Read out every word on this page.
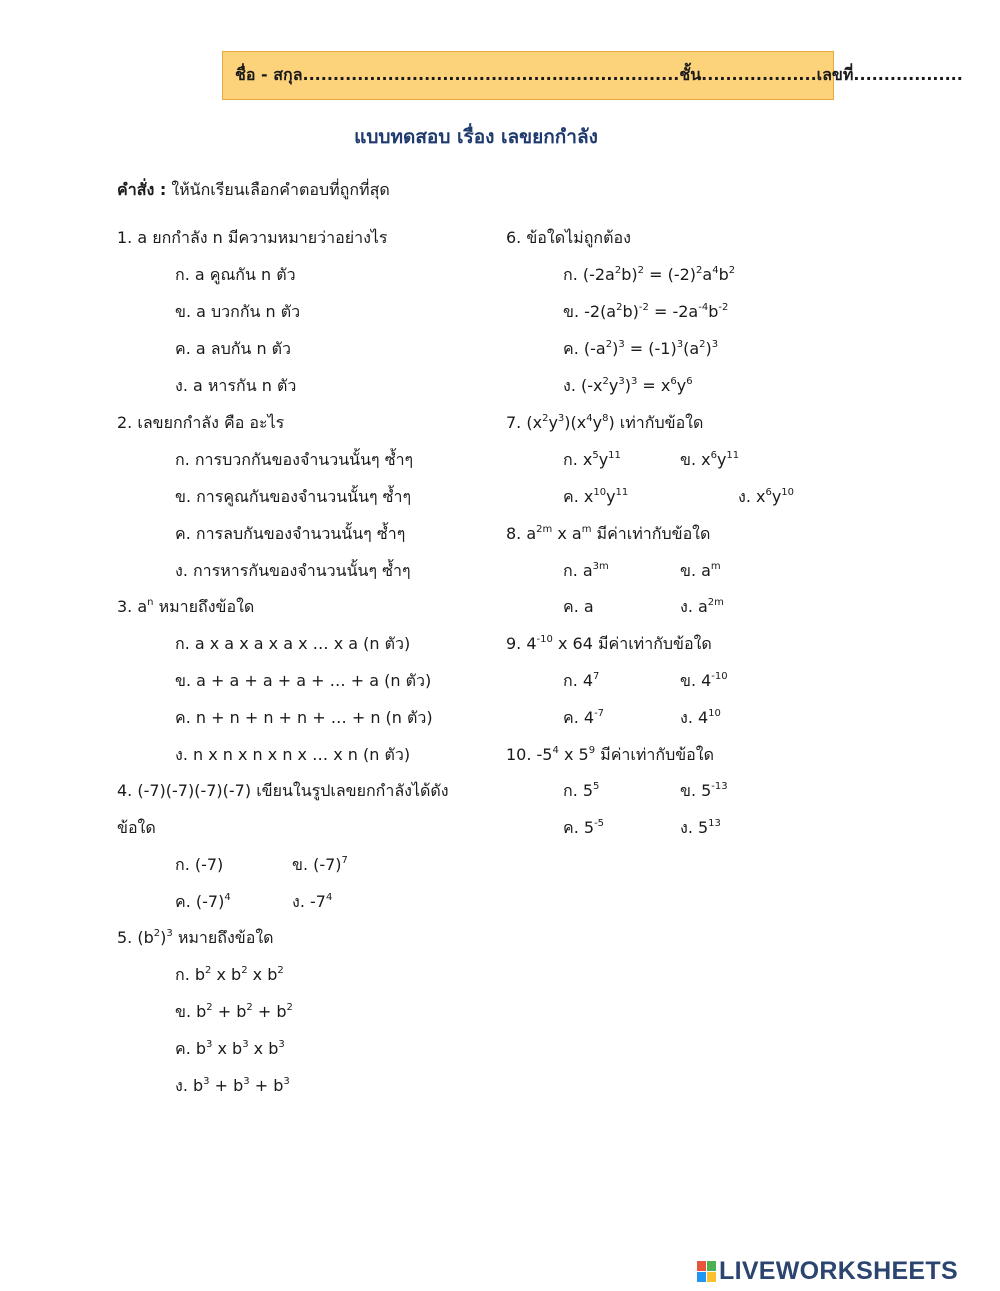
ชื่อ - สกุล..............................................................ชั้น...................เลขที่..................
แบบทดสอบ เรื่อง เลขยกกำลัง
คำสั่ง : ให้นักเรียนเลือกคำตอบที่ถูกที่สุด
1. a ยกกำลัง n มีความหมายว่าอย่างไร
ก. a คูณกัน n ตัว
ข. a บวกกัน n ตัว
ค. a ลบกัน n ตัว
ง. a หารกัน n ตัว
2. เลขยกกำลัง คือ อะไร
ก. การบวกกันของจำนวนนั้นๆ ซ้ำๆ
ข. การคูณกันของจำนวนนั้นๆ ซ้ำๆ
ค. การลบกันของจำนวนนั้นๆ ซ้ำๆ
ง. การหารกันของจำนวนนั้นๆ ซ้ำๆ
3. $a^n$ หมายถึงข้อใด
ก. a x a x a x a x … x a (n ตัว)
ข. a + a + a + a + … + a (n ตัว)
ค. n + n + n + n + … + n (n ตัว)
ง. n x n x n x n x … x n (n ตัว)
4. (-7)(-7)(-7)(-7) เขียนในรูปเลขยกกำลังได้ดัง
ข้อใด
ก. (-7)	ข. $(-7)^7$
ค. $(-7)^4$	ง. $-7^4$
5. $(b^2)^3$ หมายถึงข้อใด
ก. $b^2$ x $b^2$ x $b^2$
ข. $b^2 + b^2 + b^2$
ค. $b^3$ x $b^3$ x $b^3$
ง. $b^3 + b^3 + b^3$
6. ข้อใดไม่ถูกต้อง
ก. $(-2a^2b)^2 = (-2)^2a^4b^2$
ข. $-2(a^2b)^{-2} = -2a^{-4}b^{-2}$
ค. $(-a^2)^3 = (-1)^3(a^2)^3$
ง. $(-x^2y^3)^3 = x^6y^6$
7. $(x^2y^3)(x^4y^8)$ เท่ากับข้อใด
ก. $x^5y^{11}$	ข. $x^6y^{11}$
ค. $x^{10}y^{11}$	ง. $x^6y^{10}$
8. $a^{2m}$ x $a^m$ มีค่าเท่ากับข้อใด
ก. $a^{3m}$	ข. $a^m$
ค. a	ง. $a^{2m}$
9. $4^{-10}$ x 64 มีค่าเท่ากับข้อใด
ก. $4^7$	ข. $4^{-10}$
ค. $4^{-7}$	ง. $4^{10}$
10. $-5^4$ x $5^9$ มีค่าเท่ากับข้อใด
ก. $5^5$	ข. $5^{-13}$
ค. $5^{-5}$	ง. $5^{13}$
LIVEWORKSHEETS
